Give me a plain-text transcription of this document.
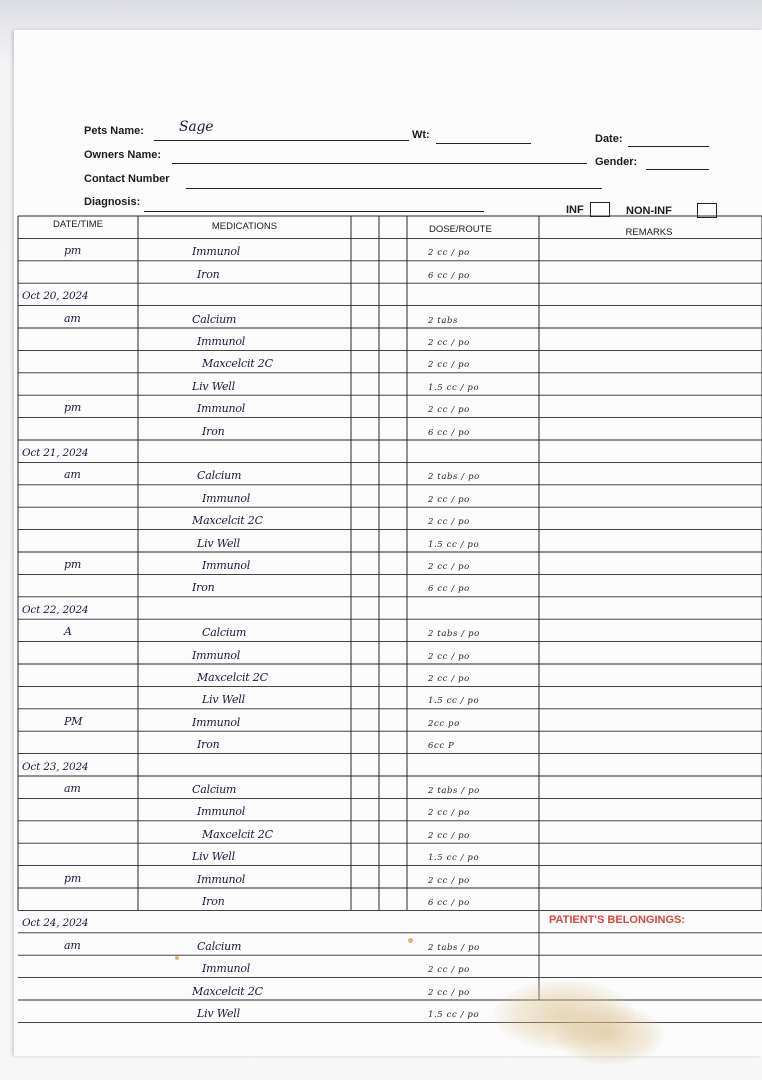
Pets Name:	Sage	Wt:	Date:
Owners Name:
Gender:
Contact Number
Diagnosis:
INF	NON-INF
DATE/TIME	MEDICATIONS	DOSE/ROUTE	REMARKS
pm	Immunol	2 cc / po
Iron	6 cc / po
Oct 20, 2024
am	Calcium	2 tabs
Immunol	2 cc / po
Maxcelcit 2C	2 cc / po
Liv Well	1.5 cc / po
pm	Immunol	2 cc / po
Iron	6 cc / po
Oct 21, 2024
am	Calcium	2 tabs / po
Immunol	2 cc / po
Maxcelcit 2C	2 cc / po
Liv Well	1.5 cc / po
pm	Immunol	2 cc / po
Iron	6 cc / po
Oct 22, 2024
A	Calcium	2 tabs / po
Immunol	2 cc / po
Maxcelcit 2C	2 cc / po
Liv Well	1.5 cc / po
PM	Immunol	2cc po
Iron	6cc P
Oct 23, 2024
am	Calcium	2 tabs / po
Immunol	2 cc / po
Maxcelcit 2C	2 cc / po
Liv Well	1.5 cc / po
pm	Immunol	2 cc / po
Iron	6 cc / po
Oct 24, 2024
am	Calcium	2 tabs / po
Immunol	2 cc / po
Maxcelcit 2C	2 cc / po
Liv Well	1.5 cc / po
PATIENT'S BELONGINGS:
